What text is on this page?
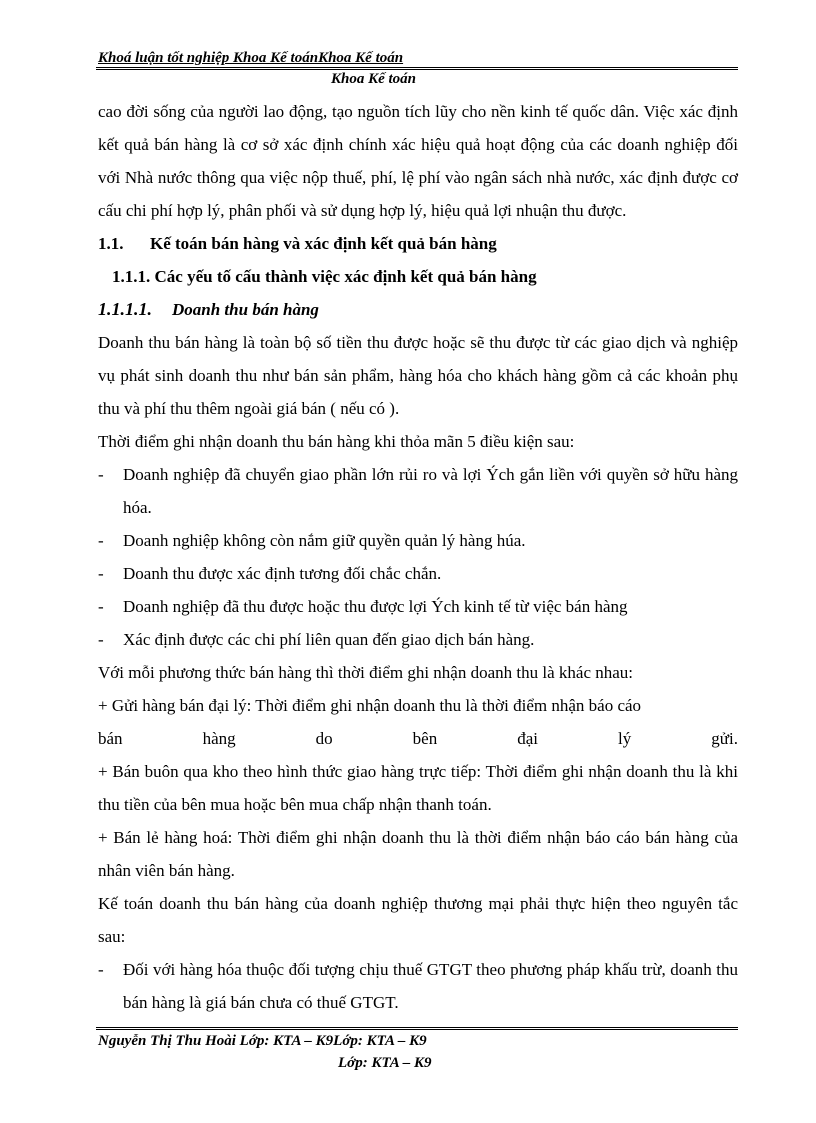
Khoá luận tốt nghiệp Khoa Kế toánKhoa Kế toán
Khoa Kế toán

cao đời sống của người lao động, tạo nguồn tích lũy cho nền kinh tế quốc dân. Việc xác định kết quả bán hàng là cơ sở xác định chính xác hiệu quả hoạt động của các doanh nghiệp đối với Nhà nước thông qua việc nộp thuế, phí, lệ phí vào ngân sách nhà nước, xác định được cơ cấu chi phí hợp lý, phân phối và sử dụng hợp lý, hiệu quả lợi nhuận thu được.

1.1. Kế toán bán hàng và xác định kết quả bán hàng

1.1.1. Các yếu tố cấu thành việc xác định kết quả bán hàng

1.1.1.1. Doanh thu bán hàng

Doanh thu bán hàng là toàn bộ số tiền thu được hoặc sẽ thu được từ các giao dịch và nghiệp vụ phát sinh doanh thu như bán sản phẩm, hàng hóa cho khách hàng gồm cả các khoản phụ thu và phí thu thêm ngoài giá bán ( nếu có ).

Thời điểm ghi nhận doanh thu bán hàng khi thỏa mãn 5 điều kiện sau:

- Doanh nghiệp đã chuyển giao phần lớn rủi ro và lợi Ých gắn liền với quyền sở hữu hàng hóa.

- Doanh nghiệp không còn nắm giữ quyền quản lý hàng húa.

- Doanh thu được xác định tương đối chắc chắn.

- Doanh nghiệp đã thu được hoặc thu được lợi Ých kinh tế từ việc bán hàng

- Xác định được các chi phí liên quan đến giao dịch bán hàng.

Với mỗi phương thức bán hàng thì thời điểm ghi nhận doanh thu là khác nhau:

+ Gửi hàng bán đại lý: Thời điểm ghi nhận doanh thu là thời điểm nhận báo cáo

bán hàng do bên đại lý gửi.

+ Bán buôn qua kho theo hình thức giao hàng trực tiếp: Thời điểm ghi nhận doanh thu là khi thu tiền của bên mua hoặc bên mua chấp nhận thanh toán.

+ Bán lẻ hàng hoá: Thời điểm ghi nhận doanh thu là thời điểm nhận báo cáo bán hàng của nhân viên bán hàng.

Kế toán doanh thu bán hàng của doanh nghiệp thương mại phải thực hiện theo nguyên tắc sau:

- Đối với hàng hóa thuộc đối tượng chịu thuế GTGT theo phương pháp khấu trừ, doanh thu bán hàng là giá bán chưa có thuế GTGT.

Nguyễn Thị Thu Hoài Lớp: KTA – K9Lớp: KTA – K9
Lớp: KTA – K9
